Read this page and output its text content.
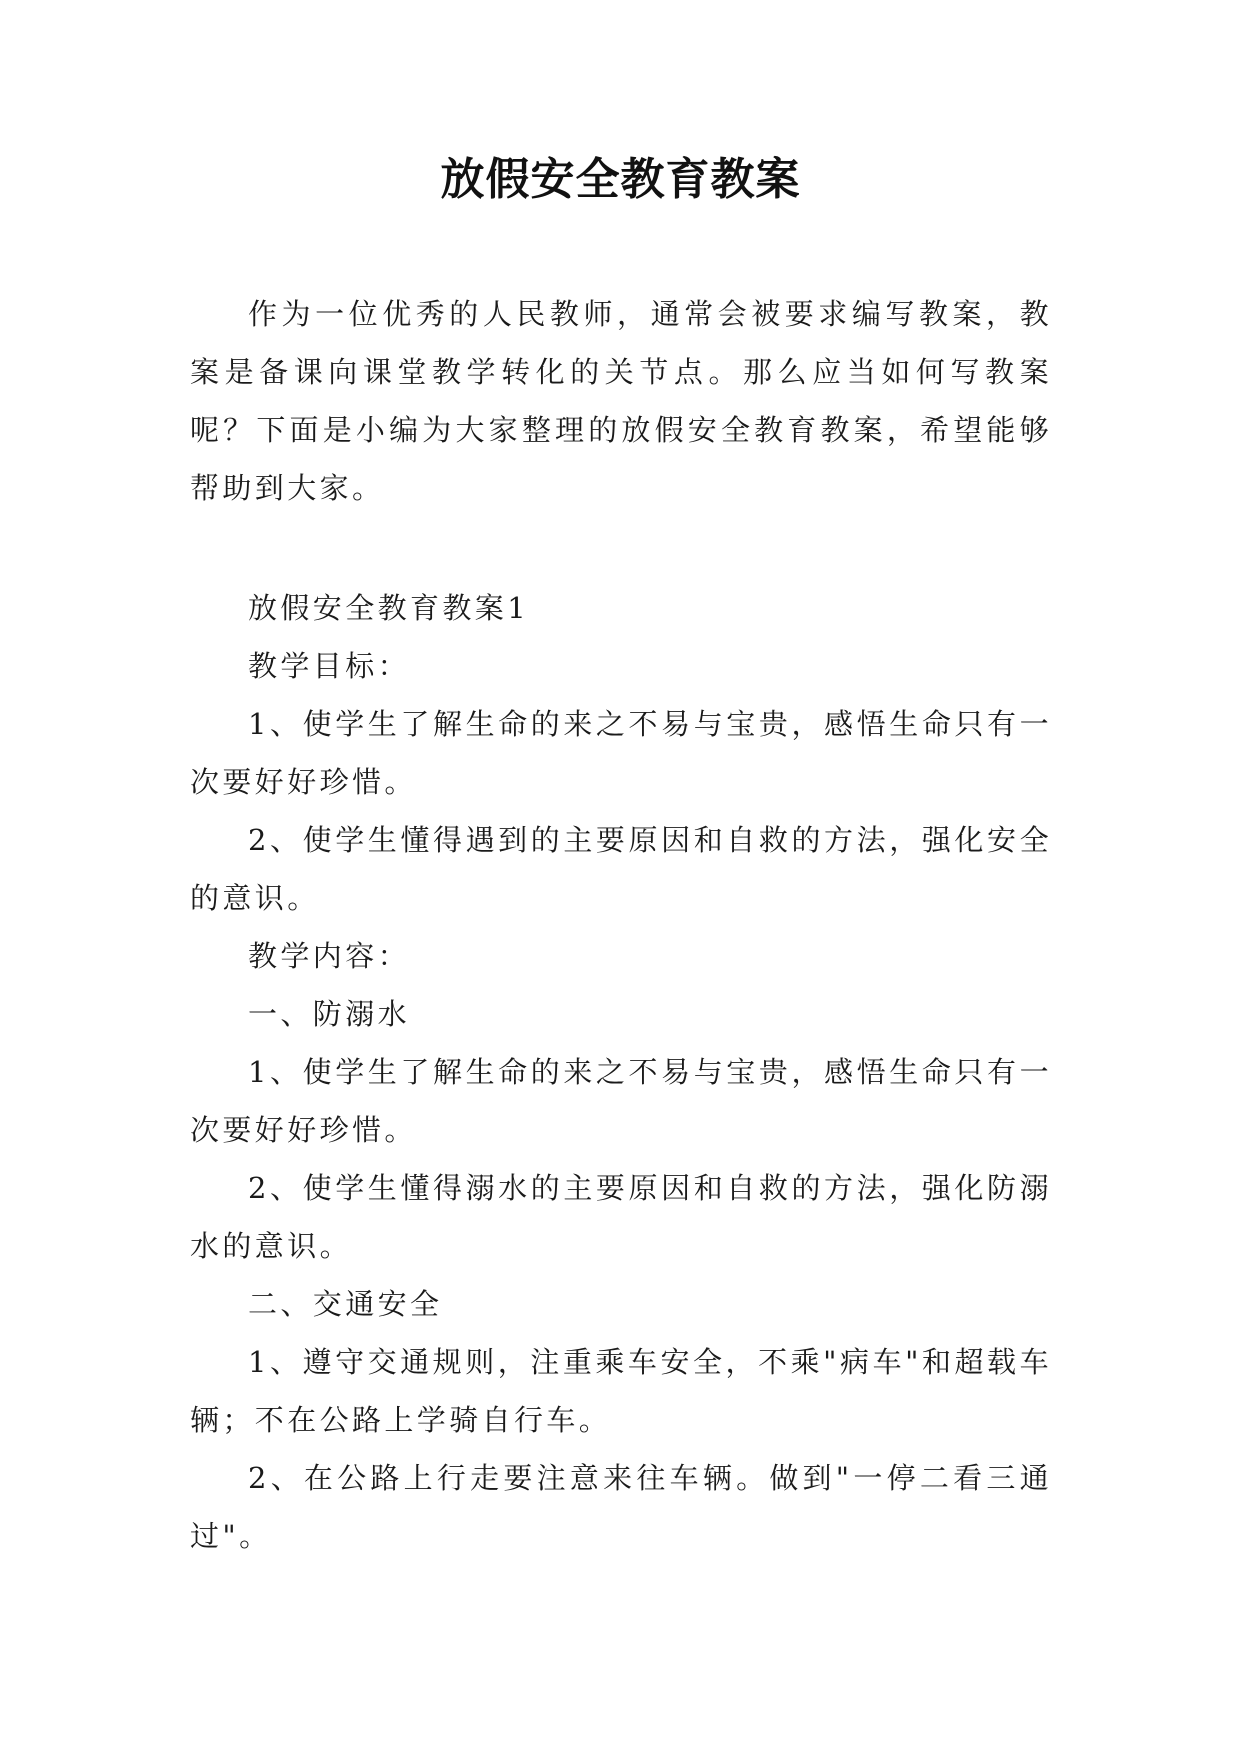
放假安全教育教案

作为一位优秀的人民教师，通常会被要求编写教案，教案是备课向课堂教学转化的关节点。那么应当如何写教案呢？下面是小编为大家整理的放假安全教育教案，希望能够帮助到大家。

放假安全教育教案1

教学目标：

1、使学生了解生命的来之不易与宝贵，感悟生命只有一次要好好珍惜。

2、使学生懂得遇到的主要原因和自救的方法，强化安全的意识。

教学内容：

一、防溺水

1、使学生了解生命的来之不易与宝贵，感悟生命只有一次要好好珍惜。

2、使学生懂得溺水的主要原因和自救的方法，强化防溺水的意识。

二、交通安全

1、遵守交通规则，注重乘车安全，不乘"病车"和超载车辆；不在公路上学骑自行车。

2、在公路上行走要注意来往车辆。做到"一停二看三通过"。
